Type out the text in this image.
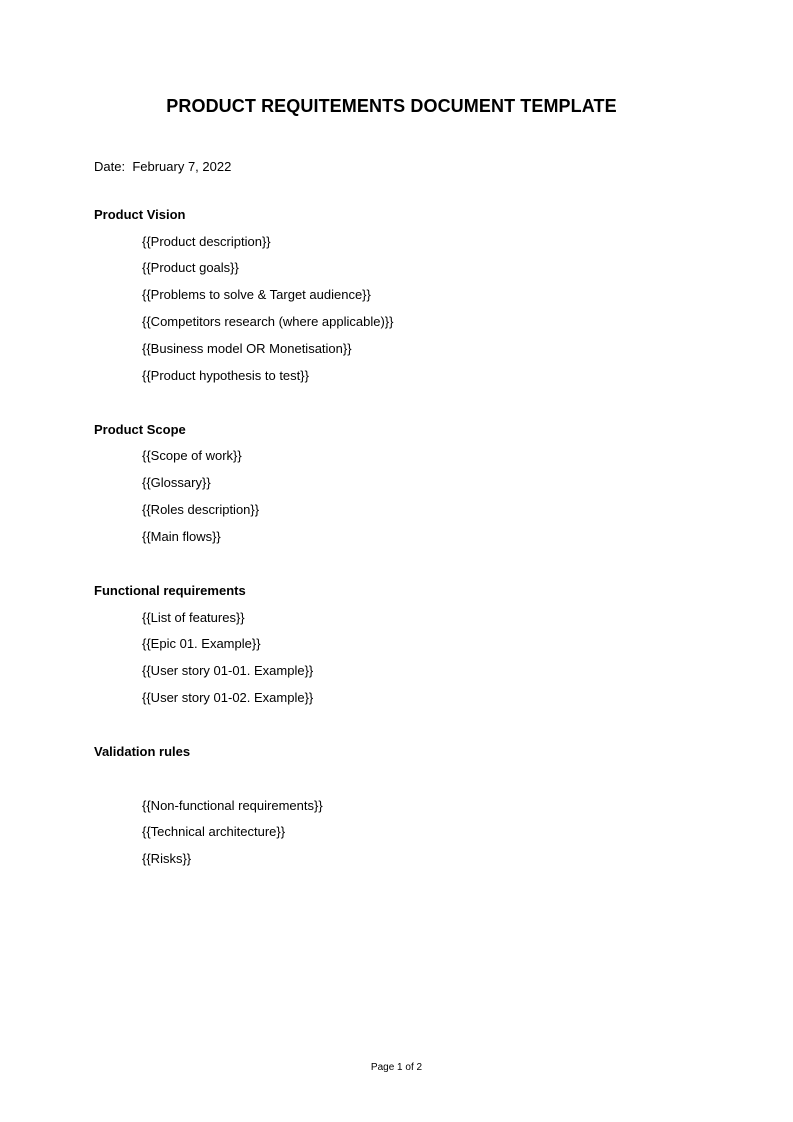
PRODUCT REQUITEMENTS DOCUMENT TEMPLATE
Date: February 7, 2022
Product Vision
{{Product description}}
{{Product goals}}
{{Problems to solve & Target audience}}
{{Competitors research (where applicable)}}
{{Business model OR Monetisation}}
{{Product hypothesis to test}}
Product Scope
{{Scope of work}}
{{Glossary}}
{{Roles description}}
{{Main flows}}
Functional requirements
{{List of features}}
{{Epic 01. Example}}
{{User story 01-01. Example}}
{{User story 01-02. Example}}
Validation rules
{{Non-functional requirements}}
{{Technical architecture}}
{{Risks}}
Page 1 of 2
